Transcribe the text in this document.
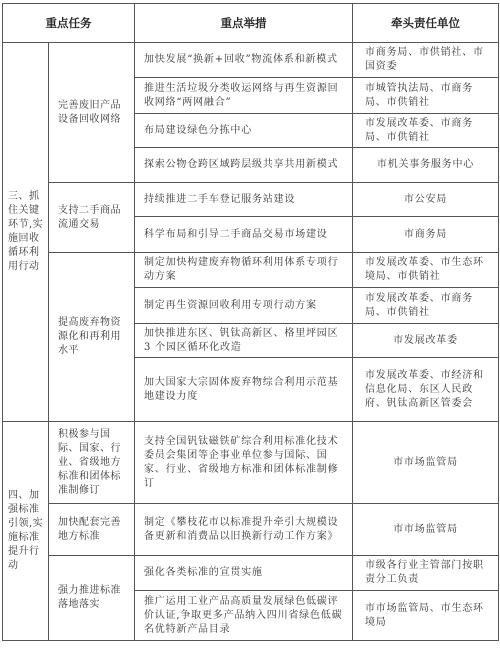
重点任务		重点举措	牵头责任单位
三、抓住关键环节,实施回收循环利用行动	完善废旧产品设备回收网络	加快发展“换新+回收”物流体系和新模式	市商务局、市供销社、市国资委
		推进生活垃圾分类收运网络与再生资源回收网络“两网融合”	市城管执法局、市商务局、市供销社
		布局建设绿色分拣中心	市发展改革委、市商务局、市供销社
		探索公物仓跨区域跨层级共享共用新模式	市机关事务服务中心
	支持二手商品流通交易	持续推进二手车登记服务站建设	市公安局
		科学布局和引导二手商品交易市场建设	市商务局
	提高废弃物资源化和再利用水平	制定加快构建废弃物循环利用体系专项行动方案	市发展改革委、市生态环境局、市供销社
		制定再生资源回收利用专项行动方案	市发展改革委、市商务局、市供销社
		加快推进东区、钒钛高新区、格里坪园区 3 个园区循环化改造	市发展改革委
		加大国家大宗固体废弃物综合利用示范基地建设力度	市发展改革委、市经济和信息化局、东区人民政府、钒钛高新区管委会
四、加强标准引领,实施标准提升行动	积极参与国际、国家、行业、省级地方标准和团体标准制修订	支持全国钒钛磁铁矿综合利用标准化技术委员会集团等企事业单位参与国际、国家、行业、省级地方标准和团体标准制修订	市市场监管局
	加快配套完善地方标准	制定《攀枝花市以标准提升牵引大规模设备更新和消费品以旧换新行动工作方案》	市市场监管局
	强力推进标准落地落实	强化各类标准的宣贯实施	市级各行业主管部门按职责分工负责
		推广运用工业产品高质量发展绿色低碳评价认证,争取更多产品纳入四川省绿色低碳名优特新产品目录	市市场监管局、市生态环境局
